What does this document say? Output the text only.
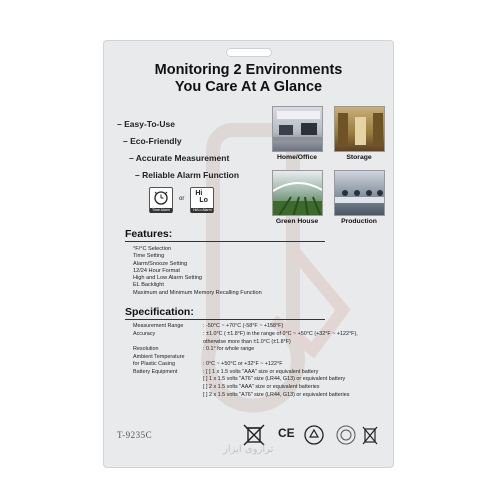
Monitoring 2 Environments
You Care At A Glance
– Easy-To-Use
– Eco-Friendly
– Accurate Measurement
– Reliable Alarm Function
Time Alarm
or
Hi
Lo
Hi/Lo Alarm
Home/Office	Storage
Green House	Production
Features:
°F/°C Selection
Time Setting
Alarm/Snooze Setting
12/24 Hour Format
High and Low Alarm Setting
EL Backlight
Maximum and Minimum Memory Recalling Function
Specification:
Measurement Range	: -50°C ~ +70°C (-58°F ~ +158°F)
Accuracy	: ±1.0°C ( ±1.8°F) in the range of 0°C ~ +50°C (+32°F ~ +122°F),
otherwise more than ±1.0°C (±1.8°F)
Resolution	: 0.1° for whole range
Ambient Temperature
for Plastic Casing	: 0°C ~ +50°C or +32°F ~ +122°F
Battery Equipment	: [ ] 1 x 1.5 volts "AAA" size or equivalent battery
[ ] 1 x 1.5 volts "A76" size (LR44, G13) or equivalent battery
[ ] 2 x 1.5 volts "AAA" size or equivalent batteries
[ ] 2 x 1.5 volts "A76" size (LR44, G13) or equivalent batteries
T-9235C	CE
ترازوی ابزار
